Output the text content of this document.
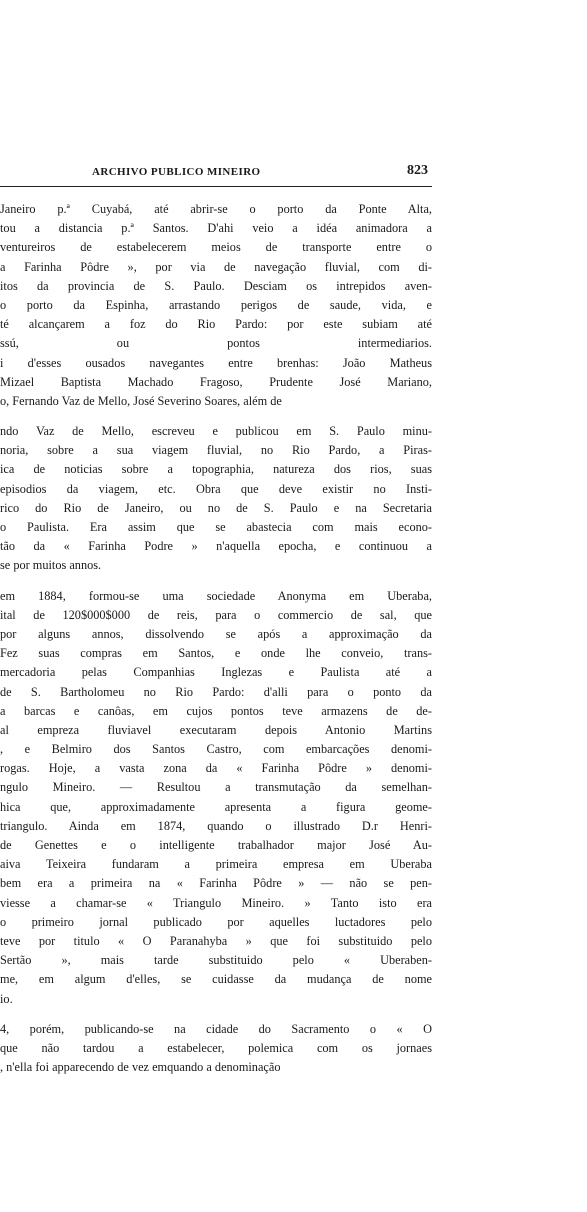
ARCHIVO PUBLICO MINEIRO	823
Janeiro p.ª Cuyabá, até abrir-se o porto da Ponte Alta,
tou a distancia p.ª Santos. D'ahi veio a idéa animadora a
ventureiros de estabelecerem meios de transporte entre o
a Farinha Pôdre », por via de navegação fluvial, com di-
itos da provincia de S. Paulo. Desciam os intrepidos aven-
o porto da Espinha, arrastando perigos de saude, vida, e
té alcançarem a foz do Rio Pardo: por este subiam até
ssú, ou pontos intermediarios.
i d'esses ousados navegantes entre brenhas: João Matheus
Mizael Baptista Machado Fragoso, Prudente José Mariano,
o, Fernando Vaz de Mello, José Severino Soares, além de
ndo Vaz de Mello, escreveu e publicou em S. Paulo minu-
noria, sobre a sua viagem fluvial, no Rio Pardo, a Piras-
ica de noticias sobre a topographia, natureza dos rios, suas
episodios da viagem, etc. Obra que deve existir no Insti-
rico do Rio de Janeiro, ou no de S. Paulo e na Secretaria
o Paulista. Era assim que se abastecia com mais econo-
tão da « Farinha Podre » n'aquella epocha, e continuou a
se por muitos annos.
em 1884, formou-se uma sociedade Anonyma em Uberaba,
ital de 120$000$000 de reis, para o commercio de sal, que
por alguns annos, dissolvendo se após a approximação da
Fez suas compras em Santos, e onde lhe conveio, trans-
mercadoria pelas Companhias Inglezas e Paulista até a
de S. Bartholomeu no Rio Pardo: d'alli para o ponto da
a barcas e canôas, em cujos pontos teve armazens de de-
al empreza fluviavel executaram depois Antonio Martins
, e Belmiro dos Santos Castro, com embarcações denomi-
rogas. Hoje, a vasta zona da « Farinha Pôdre » denomi-
ngulo Mineiro. — Resultou a transmutação da semelhan-
hica que, approximadamente apresenta a figura geome-
triangulo. Ainda em 1874, quando o illustrado D.r Henri-
de Genettes e o intelligente trabalhador major José Au-
aiva Teixeira fundaram a primeira empresa em Uberaba
bem era a primeira na « Farinha Pôdre » — não se pen-
viesse a chamar-se « Triangulo Mineiro. » Tanto isto era
o primeiro jornal publicado por aquelles luctadores pelo
teve por titulo « O Paranahyba » que foi substituido pelo
Sertão », mais tarde substituido pelo « Uberaben-
me, em algum d'elles, se cuidasse da mudança de nome
io.
4, porém, publicando-se na cidade do Sacramento o « O
que não tardou a estabelecer, polemica com os jornaes
, n'ella foi apparecendo de vez emquando a denominação
